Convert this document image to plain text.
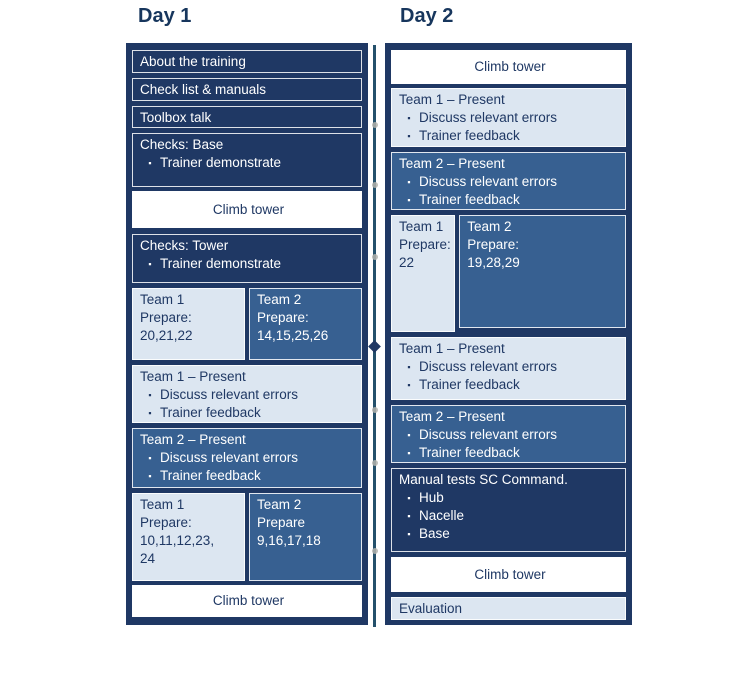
Day 1	Day 2
About the training
Check list & manuals
Toolbox talk
Checks: Base
▪ Trainer demonstrate
Climb tower
Checks: Tower
▪ Trainer demonstrate
Team 1
Prepare:
20,21,22
Team 2
Prepare:
14,15,25,26
Team 1 – Present
▪ Discuss relevant errors
▪ Trainer feedback
Team 2 – Present
▪ Discuss relevant errors
▪ Trainer feedback
Team 1
Prepare:
10,11,12,23,
24
Team 2
Prepare
9,16,17,18
Climb tower
Climb tower
Team 1 – Present
▪ Discuss relevant errors
▪ Trainer feedback
Team 2 – Present
▪ Discuss relevant errors
▪ Trainer feedback
Team 1
Prepare:
22
Team 2
Prepare:
19,28,29
Team 1 – Present
▪ Discuss relevant errors
▪ Trainer feedback
Team 2 – Present
▪ Discuss relevant errors
▪ Trainer feedback
Manual tests SC Command.
▪ Hub
▪ Nacelle
▪ Base
Climb tower
Evaluation
